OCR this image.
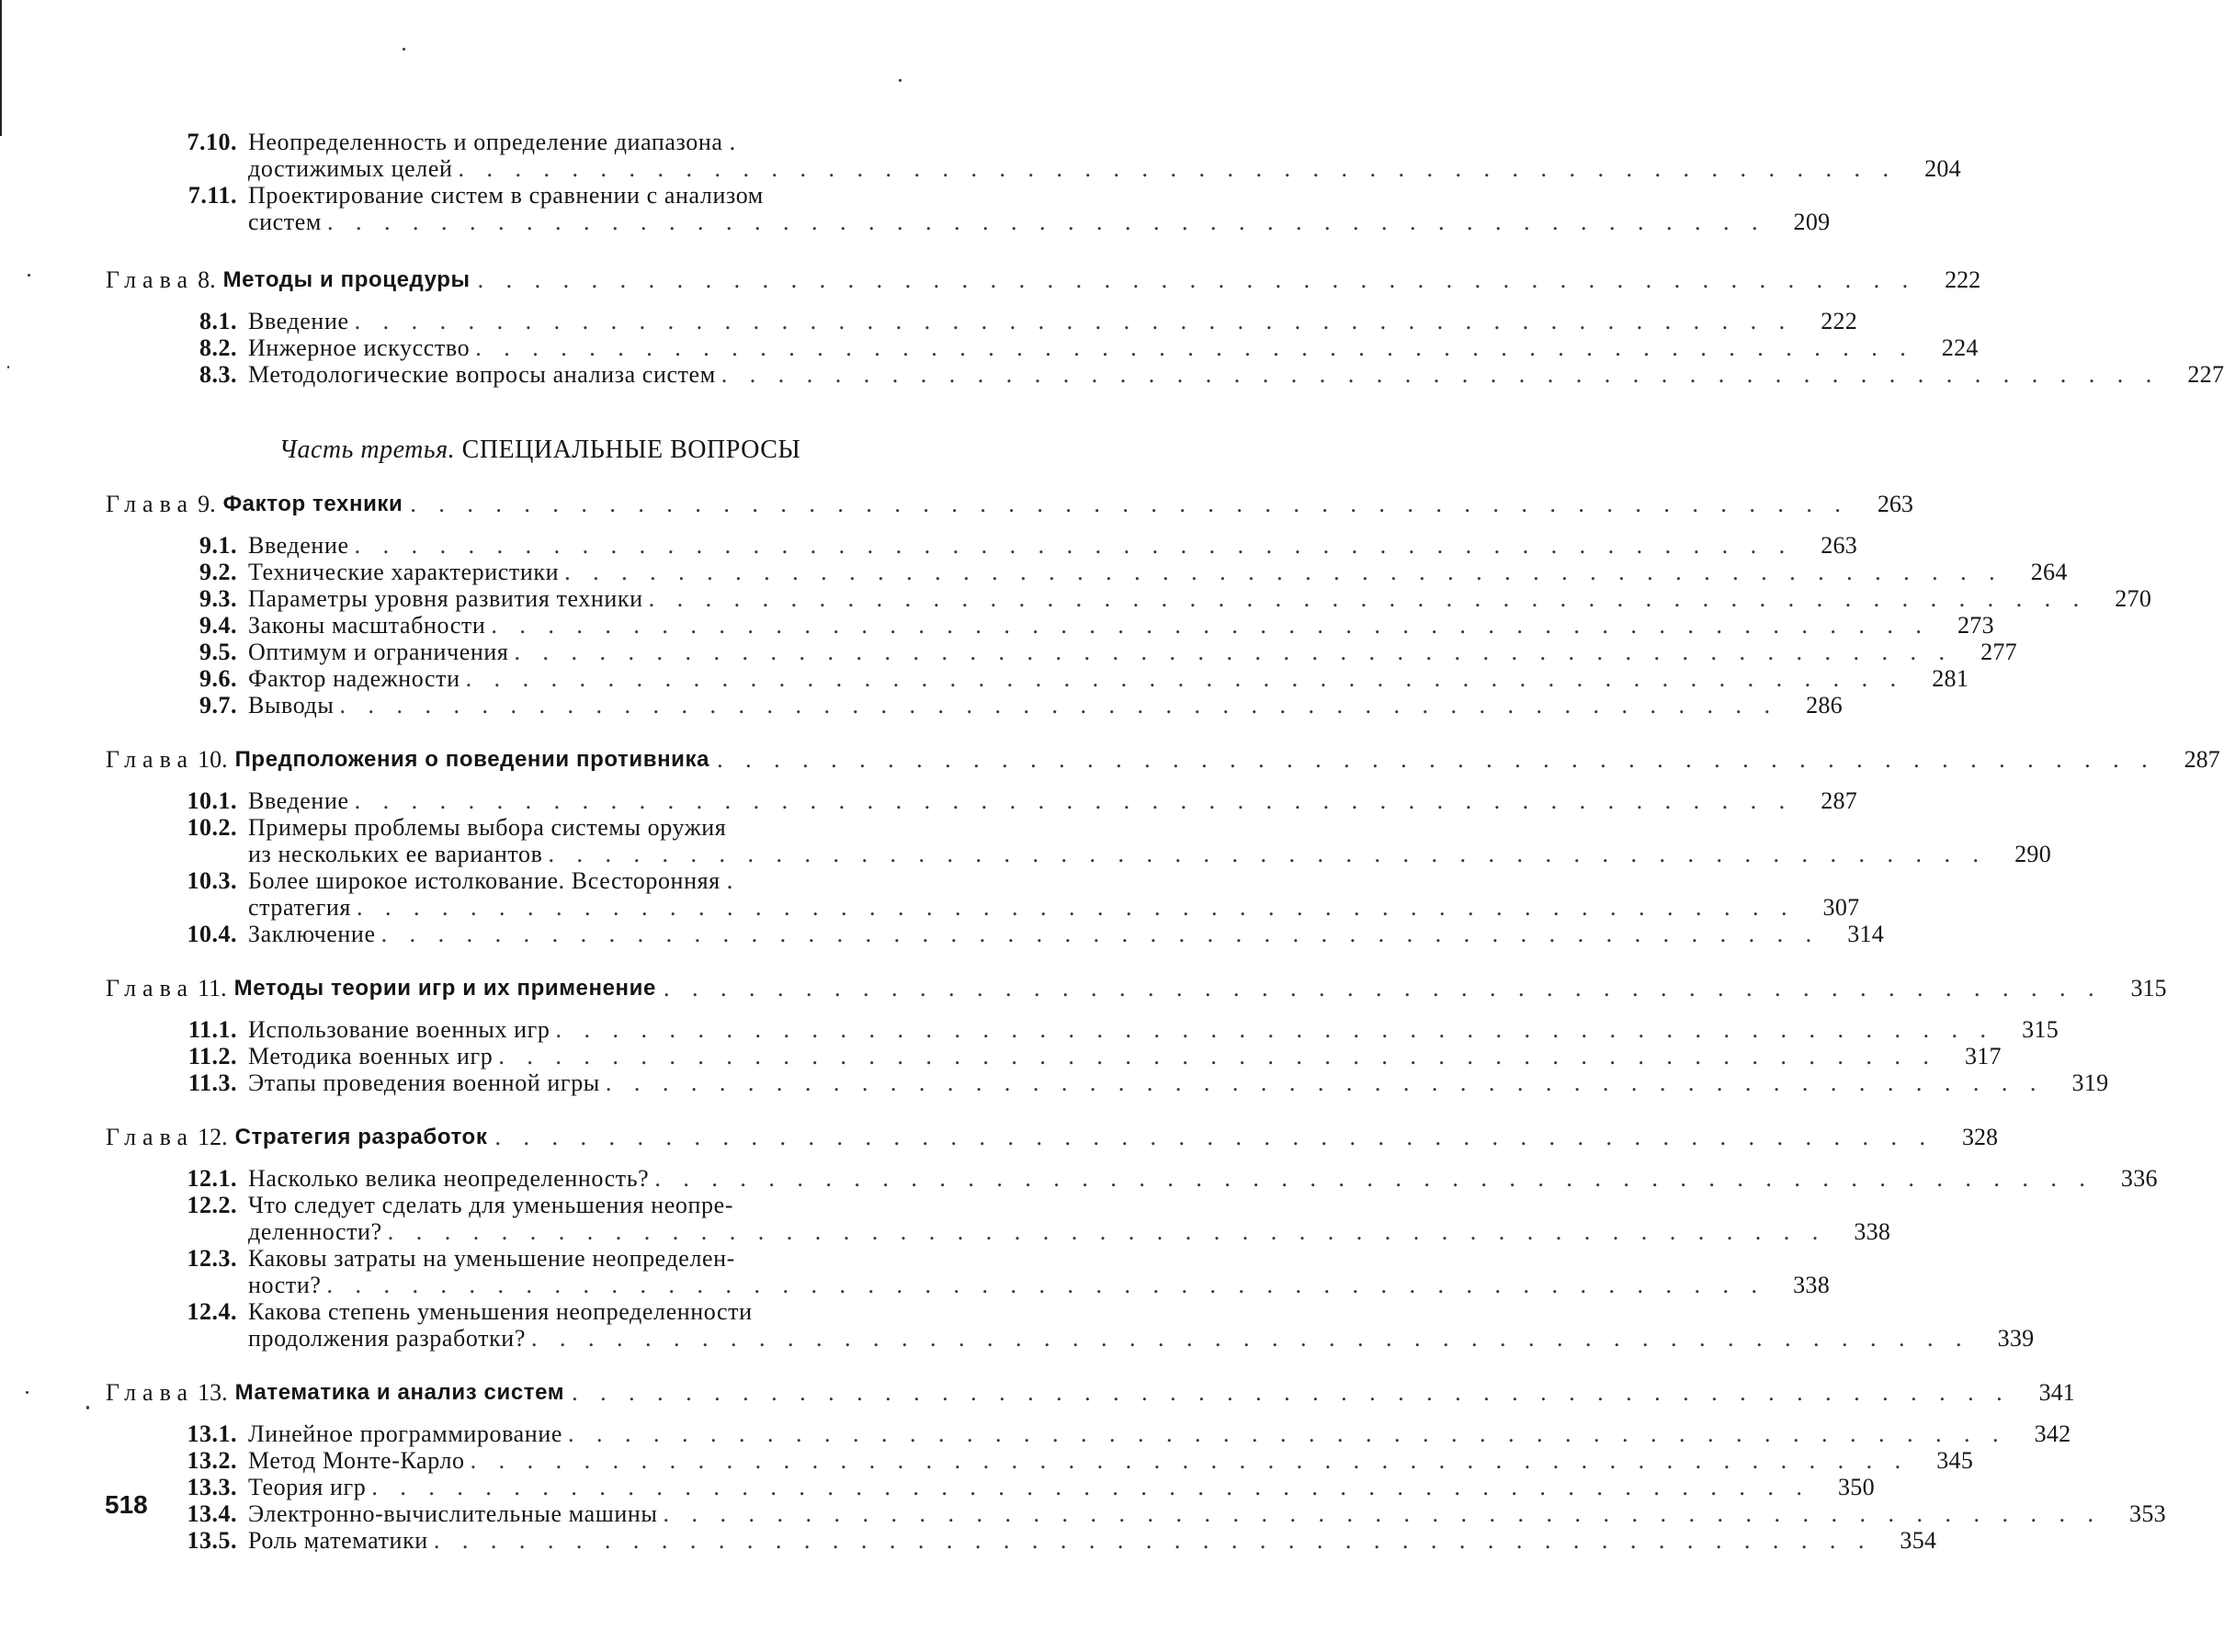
7.10. Неопределенность и определение диапазона .
достижимых целей . . . . . . . . . . . . . . . . . . . . . . . . . . . . . . . . . . . . . . . . . . . . . . . . . . .	204
7.11. Проектирование систем в сравнении с анализом
систем . . . . . . . . . . . . . . . . . . . . . . . . . . . . . . . . . . . . . . . . . . . . . . . . . . .	209
Глава 8. Методы и процедуры . . . . . . . . . . . . . . . . . . . . . . . . . . . . . . . . . . . . . . . . . . . . . . . . . . .	222
8.1. Введение . . . . . . . . . . . . . . . . . . . . . . . . . . . . . . . . . . . . . . . . . . . . . . . . . . .	222
8.2. Инжерное искусство . . . . . . . . . . . . . . . . . . . . . . . . . . . . . . . . . . . . . . . . . . . . . . . . . . .	224
8.3. Методологические вопросы анализа систем . . . . . . . . . . . . . . . . . . . . . . . . . . . . . . . . . . . . . . . . . . . . . . . . . . .	227
Часть третья. СПЕЦИАЛЬНЫЕ ВОПРОСЫ
Глава 9. Фактор техники . . . . . . . . . . . . . . . . . . . . . . . . . . . . . . . . . . . . . . . . . . . . . . . . . . .	263
9.1. Введение . . . . . . . . . . . . . . . . . . . . . . . . . . . . . . . . . . . . . . . . . . . . . . . . . . .	263
9.2. Технические характеристики . . . . . . . . . . . . . . . . . . . . . . . . . . . . . . . . . . . . . . . . . . . . . . . . . . .	264
9.3. Параметры уровня развития техники . . . . . . . . . . . . . . . . . . . . . . . . . . . . . . . . . . . . . . . . . . . . . . . . . . .	270
9.4. Законы масштабности . . . . . . . . . . . . . . . . . . . . . . . . . . . . . . . . . . . . . . . . . . . . . . . . . . .	273
9.5. Оптимум и ограничения . . . . . . . . . . . . . . . . . . . . . . . . . . . . . . . . . . . . . . . . . . . . . . . . . . .	277
9.6. Фактор надежности . . . . . . . . . . . . . . . . . . . . . . . . . . . . . . . . . . . . . . . . . . . . . . . . . . .	281
9.7. Выводы . . . . . . . . . . . . . . . . . . . . . . . . . . . . . . . . . . . . . . . . . . . . . . . . . . .	286
Глава 10. Предположения о поведении противника . . . . . . . . . . . . . . . . . . . . . . . . . . . . . . . . . . . . . . . . . . . . . . . . . . .	287
10.1. Введение . . . . . . . . . . . . . . . . . . . . . . . . . . . . . . . . . . . . . . . . . . . . . . . . . . .	287
10.2. Примеры проблемы выбора системы оружия
из нескольких ее вариантов . . . . . . . . . . . . . . . . . . . . . . . . . . . . . . . . . . . . . . . . . . . . . . . . . . .	290
10.3. Более широкое истолкование. Всесторонняя .
стратегия . . . . . . . . . . . . . . . . . . . . . . . . . . . . . . . . . . . . . . . . . . . . . . . . . . .	307
10.4. Заключение . . . . . . . . . . . . . . . . . . . . . . . . . . . . . . . . . . . . . . . . . . . . . . . . . . .	314
Глава 11. Методы теории игр и их применение . . . . . . . . . . . . . . . . . . . . . . . . . . . . . . . . . . . . . . . . . . . . . . . . . . .	315
11.1. Использование военных игр . . . . . . . . . . . . . . . . . . . . . . . . . . . . . . . . . . . . . . . . . . . . . . . . . . .	315
11.2. Методика военных игр . . . . . . . . . . . . . . . . . . . . . . . . . . . . . . . . . . . . . . . . . . . . . . . . . . .	317
11.3. Этапы проведения военной игры . . . . . . . . . . . . . . . . . . . . . . . . . . . . . . . . . . . . . . . . . . . . . . . . . . .	319
Глава 12. Стратегия разработок . . . . . . . . . . . . . . . . . . . . . . . . . . . . . . . . . . . . . . . . . . . . . . . . . . .	328
12.1. Насколько велика неопределенность? . . . . . . . . . . . . . . . . . . . . . . . . . . . . . . . . . . . . . . . . . . . . . . . . . . .	336
12.2. Что следует сделать для уменьшения неопре-
деленности? . . . . . . . . . . . . . . . . . . . . . . . . . . . . . . . . . . . . . . . . . . . . . . . . . . .	338
12.3. Каковы затраты на уменьшение неопределен-
ности? . . . . . . . . . . . . . . . . . . . . . . . . . . . . . . . . . . . . . . . . . . . . . . . . . . .	338
12.4. Какова степень уменьшения неопределенности
продолжения разработки? . . . . . . . . . . . . . . . . . . . . . . . . . . . . . . . . . . . . . . . . . . . . . . . . . . .	339
Глава 13. Математика и анализ систем . . . . . . . . . . . . . . . . . . . . . . . . . . . . . . . . . . . . . . . . . . . . . . . . . . .	341
13.1. Линейное программирование . . . . . . . . . . . . . . . . . . . . . . . . . . . . . . . . . . . . . . . . . . . . . . . . . . .	342
13.2. Метод Монте-Карло . . . . . . . . . . . . . . . . . . . . . . . . . . . . . . . . . . . . . . . . . . . . . . . . . . .	345
13.3. Теория игр . . . . . . . . . . . . . . . . . . . . . . . . . . . . . . . . . . . . . . . . . . . . . . . . . . .	350
13.4. Электронно-вычислительные машины . . . . . . . . . . . . . . . . . . . . . . . . . . . . . . . . . . . . . . . . . . . . . . . . . . .	353
13.5. Роль математики . . . . . . . . . . . . . . . . . . . . . . . . . . . . . . . . . . . . . . . . . . . . . . . . . . .	354
518
